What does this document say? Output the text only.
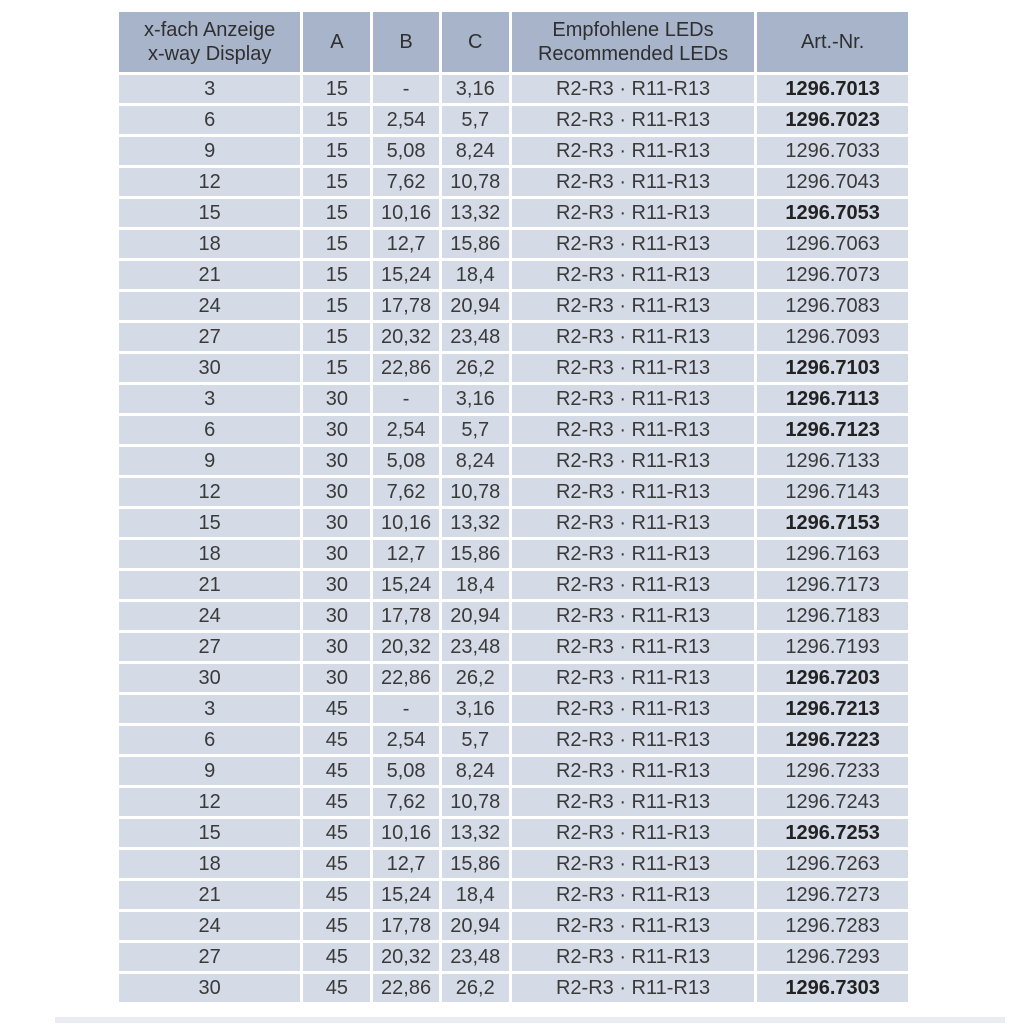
x-fach Anzeige
x-way Display
	A	B	C	
Empfohlene LEDs
Recommended LEDs
	Art.-Nr.
3	15	-	3,16	R2-R3 · R11-R13	1296.7013
6	15	2,54	5,7	R2-R3 · R11-R13	1296.7023
9	15	5,08	8,24	R2-R3 · R11-R13	1296.7033
12	15	7,62	10,78	R2-R3 · R11-R13	1296.7043
15	15	10,16	13,32	R2-R3 · R11-R13	1296.7053
18	15	12,7	15,86	R2-R3 · R11-R13	1296.7063
21	15	15,24	18,4	R2-R3 · R11-R13	1296.7073
24	15	17,78	20,94	R2-R3 · R11-R13	1296.7083
27	15	20,32	23,48	R2-R3 · R11-R13	1296.7093
30	15	22,86	26,2	R2-R3 · R11-R13	1296.7103
3	30	-	3,16	R2-R3 · R11-R13	1296.7113
6	30	2,54	5,7	R2-R3 · R11-R13	1296.7123
9	30	5,08	8,24	R2-R3 · R11-R13	1296.7133
12	30	7,62	10,78	R2-R3 · R11-R13	1296.7143
15	30	10,16	13,32	R2-R3 · R11-R13	1296.7153
18	30	12,7	15,86	R2-R3 · R11-R13	1296.7163
21	30	15,24	18,4	R2-R3 · R11-R13	1296.7173
24	30	17,78	20,94	R2-R3 · R11-R13	1296.7183
27	30	20,32	23,48	R2-R3 · R11-R13	1296.7193
30	30	22,86	26,2	R2-R3 · R11-R13	1296.7203
3	45	-	3,16	R2-R3 · R11-R13	1296.7213
6	45	2,54	5,7	R2-R3 · R11-R13	1296.7223
9	45	5,08	8,24	R2-R3 · R11-R13	1296.7233
12	45	7,62	10,78	R2-R3 · R11-R13	1296.7243
15	45	10,16	13,32	R2-R3 · R11-R13	1296.7253
18	45	12,7	15,86	R2-R3 · R11-R13	1296.7263
21	45	15,24	18,4	R2-R3 · R11-R13	1296.7273
24	45	17,78	20,94	R2-R3 · R11-R13	1296.7283
27	45	20,32	23,48	R2-R3 · R11-R13	1296.7293
30	45	22,86	26,2	R2-R3 · R11-R13	1296.7303
